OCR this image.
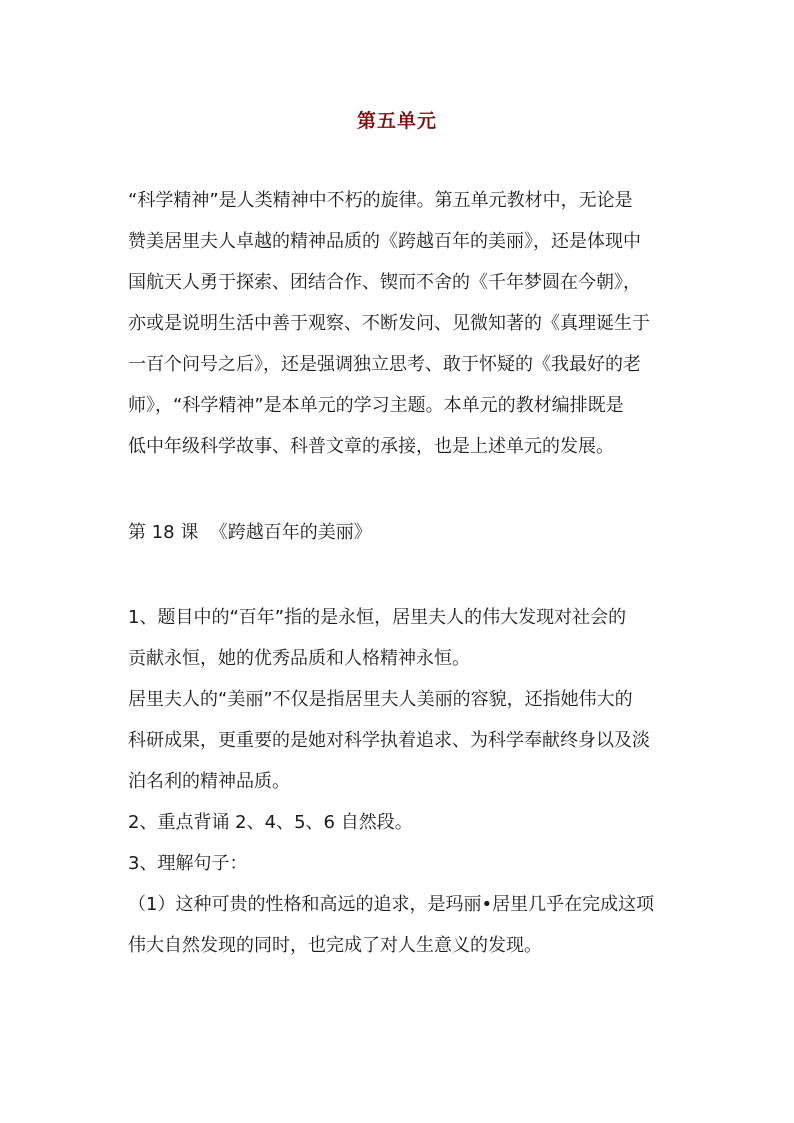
第五单元
“科学精神”是人类精神中不朽的旋律。第五单元教材中，无论是
赞美居里夫人卓越的精神品质的《跨越百年的美丽》，还是体现中
国航天人勇于探索、团结合作、锲而不舍的《千年梦圆在今朝》，
亦或是说明生活中善于观察、不断发问、见微知著的《真理诞生于
一百个问号之后》，还是强调独立思考、敢于怀疑的《我最好的老
师》，“科学精神”是本单元的学习主题。本单元的教材编排既是
低中年级科学故事、科普文章的承接，也是上述单元的发展。
第 18 课  《跨越百年的美丽》
1、题目中的“百年”指的是永恒，居里夫人的伟大发现对社会的
贡献永恒，她的优秀品质和人格精神永恒。
居里夫人的“美丽”不仅是指居里夫人美丽的容貌，还指她伟大的
科研成果，更重要的是她对科学执着追求、为科学奉献终身以及淡
泊名利的精神品质。
2、重点背诵 2、4、5、6 自然段。
3、理解句子：
（1）这种可贵的性格和高远的追求，是玛丽•居里几乎在完成这项
伟大自然发现的同时，也完成了对人生意义的发现。
